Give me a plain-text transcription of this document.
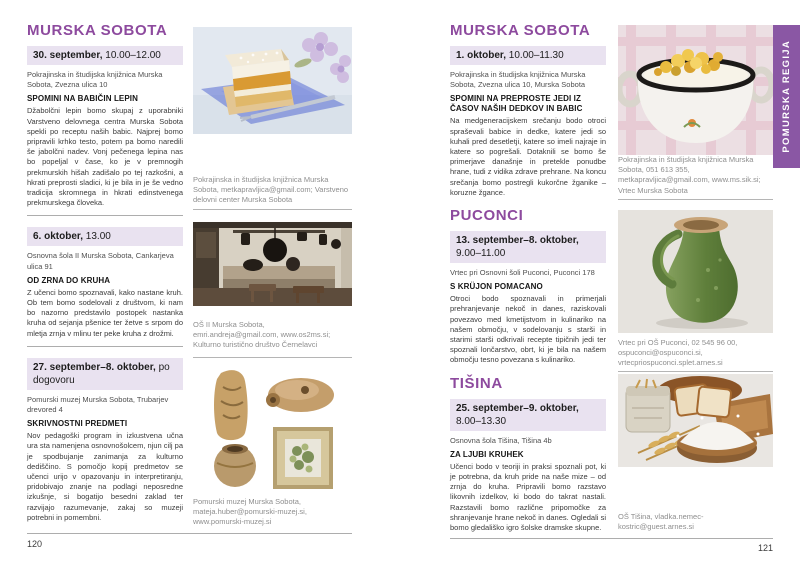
MURSKA SOBOTA
30. september, 10.00–12.00

Pokrajinska in študijska knjižnica Murska Sobota, Zvezna ulica 10

SPOMINI NA BABIČIN LEPIN

Džabolčni lepin bomo skupaj z uporabniki Varstveno delovnega centra Murska Sobota spekli po receptu naših babic. Najprej bomo pripravili krhko testo, potem pa bomo naredili še jabolčni nadev. Vonj pečenega lepina nas bo popeljal v čase, ko je v premnogih prekmurskih hišah zadišalo po tej razkošni, a hkrati preprosti sladici, ki je bila in je še vedno tradicija skromnega in hkrati edinstvenega prekmurskega človeka.

6. oktober, 13.00

Osnovna šola II Murska Sobota, Cankarjeva ulica 91

OD ZRNA DO KRUHA

Z učenci bomo spoznavali, kako nastane kruh. Ob tem bomo sodelovali z društvom, ki nam bo nazorno predstavilo postopek nastanka kruha od sejanja pšenice ter žetve s srpom do mletja zrnja v mlinu ter peke kruha z drožmi.

27. september–8. oktober, po dogovoru

Pomurski muzej Murska Sobota, Trubarjev drevored 4

SKRIVNOSTNI PREDMETI

Nov pedagoški program in izkustvena učna ura sta namenjena osnovnošolcem, njun cilj pa je spodbujanje zanimanja za kulturno dediščino. S pomočjo kopij predmetov se učenci urijo v opazovanju in interpretiranju, pridobivajo znanje na podlagi neposredne izkušnje, si bogatijo besedni zaklad ter razvijajo razumevanje, zakaj so muzeji potrebni in pomembni.

Pokrajinska in študijska knjižnica Murska Sobota, metkapravljica@gmail.com; Varstveno delovni center Murska Sobota

OŠ II Murska Sobota, emri.andreja@gmail.com, www.os2ms.si; Kulturno turistično društvo Černelavci

Pomurski muzej Murska Sobota, mateja.huber@pomurski-muzej.si, www.pomurski-muzej.si

120
MURSKA SOBOTA
1. oktober, 10.00–11.30

Pokrajinska in študijska knjižnica Murska Sobota, Zvezna ulica 10, Murska Sobota

SPOMINI NA PREPROSTE JEDI IZ ČASOV NAŠIH DEDKOV IN BABIC

Na medgeneracijskem srečanju bodo otroci spraševali babice in dedke, katere jedi so kuhali pred desetletji, katere so imeli najraje in katere so pogrešali. Dotaknili se bomo še primerjave današnje in pretekle ponudbe hrane, tudi z vidika zdrave prehrane. Na koncu srečanja bomo postregli kukorčne žganike – koruzne žgance.

PUCONCI
13. september–8. oktober, 9.00–11.00

Vrtec pri Osnovni šoli Puconci, Puconci 178

S KRÜJON POMACANO

Otroci bodo spoznavali in primerjali prehranjevanje nekoč in danes, raziskovali povezavo med kmetijstvom in kulinariko na našem območju, v sodelovanju s starši in starimi starši odkrivali recepte tipičnih jedi ter spoznali lončarstvo, obrt, ki je bila na našem območju tesno povezana s kulinariko.

TIŠINA
25. september–9. oktober, 8.00–13.30

Osnovna šola Tišina, Tišina 4b

ZA LJUBI KRUHEK

Učenci bodo v teoriji in praksi spoznali pot, ki je potrebna, da kruh pride na naše mize – od zrnja do kruha. Pripravili bomo razstavo likovnih izdelkov, ki bodo do takrat nastali. Razstavili bomo različne pripomočke za shranjevanje hrane nekoč in danes. Ogledali si bomo gledališko igro šolske dramske skupne.

Pokrajinska in študijska knjižnica Murska Sobota, 051 613 355, metkapravljica@gmail.com, www.ms.sik.si; Vrtec Murska Sobota

Vrtec pri OŠ Puconci, 02 545 96 00, ospuconci@ospuconci.si, vrtecpriospuconci.splet.arnes.si

OŠ Tišina, vladka.nemec-kostric@guest.arnes.si

121
POMURSKA REGIJA
